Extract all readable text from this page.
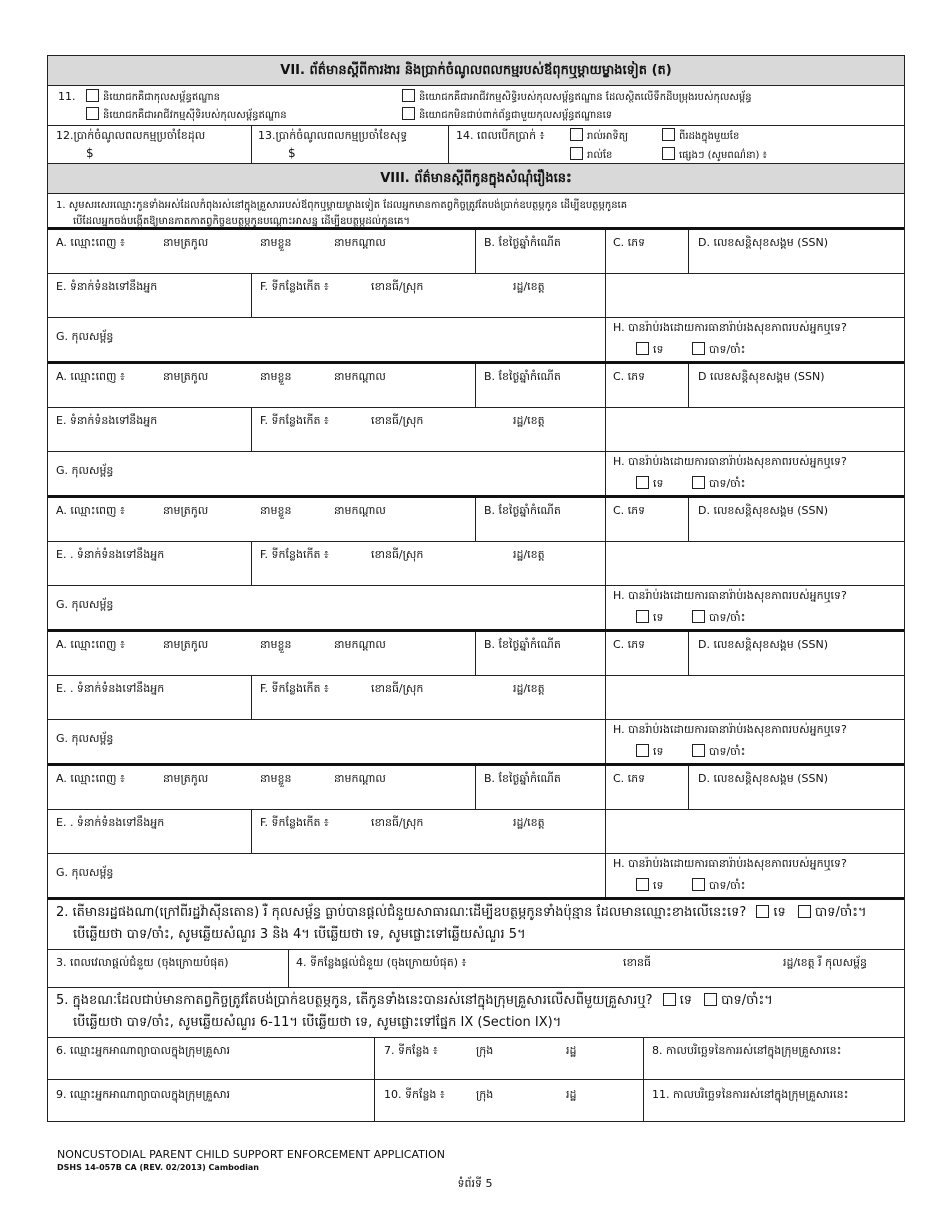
VII. ព័ត៌មានស្តីពីការងារ និងប្រាក់ចំណូលពលកម្មរបស់ឪពុកឬម្តាយម្ខាងទៀត (ត)
11.	និយោជកគឺជាកុលសម្ព័ន្ធឥណ្ឌាន
និយោជកគឺជាអាជីវកម្មស៊ីទិរបស់កុលសម្ព័ន្ធឥណ្ឌាន
និយោជកគឺជាអាជីវកម្មសិទ្ធិរបស់កុលសម្ព័ន្ធឥណ្ឌាន ដែលស្ថិតលើទឹកដីបម្រុងរបស់កុលសម្ព័ន្ធ
និយោជកមិនជាប់ពាក់ព័ន្ធជាមួយកុលសម្ព័ន្ធឥណ្ឌានទេ
12.ប្រាក់ចំណូលពលកម្មប្រចាំខែដុល
$
13.ប្រាក់ចំណូលពលកម្មប្រចាំខែសុទ្ធ
$
14. ពេលបើកប្រាក់ ៖	រាល់អាទិត្យ	ពីរដងក្នុងមួយខែ
រាល់ខែ	ផ្សេងៗ (សូមពណ៌នា) ៖
VIII. ព័ត៌មានស្តីពីកូនក្នុងសំណុំរឿងនេះ
1. សូមសរសេរឈ្មោះកូនទាំងអស់ដែលកំពុងរស់នៅក្នុងគ្រួសាររបស់ឪពុកឬម្តាយម្ខាងទៀត ដែលអ្នកមានកាតព្វកិច្ចត្រូវតែបង់ប្រាក់ឧបត្ថម្ភកូន ដើម្បីឧបត្ថម្ភកូនគេ
បើដែលអ្នកចង់បង្កើតឱ្យមានភាតកាតព្វកិច្ចឧបត្ថម្ភកូនបណ្តោះអាសន្ន ដើម្បីឧបត្ថម្ភដល់កូនគេ។
A. ឈ្មោះពេញ ៖	នាមត្រកូល	នាមខ្លួន	នាមកណ្តាល	B. ខែថ្ងៃឆ្នាំកំណើត	C. ភេទ	D. លេខសន្តិសុខសង្គម (SSN)
E. ទំនាក់ទំនងទៅនឹងអ្នក	F. ទីកន្លែងកើត ៖	ខោនធី/ស្រុក	រដ្ឋ/ខេត្ត
G. កុលសម្ព័ន្ធ
H. បានរ៉ាប់រងដោយការធានារ៉ាប់រងសុខភាពរបស់អ្នកឬទេ?
ទេ	បាទ/ចាំះ
A. ឈ្មោះពេញ ៖	នាមត្រកូល	នាមខ្លួន	នាមកណ្តាល	B. ខែថ្ងៃឆ្នាំកំណើត	C. ភេទ	D លេខសន្តិសុខសង្គម (SSN)
E. ទំនាក់ទំនងទៅនឹងអ្នក	F. ទីកន្លែងកើត ៖	ខោនធី/ស្រុក	រដ្ឋ/ខេត្ត
G. កុលសម្ព័ន្ធ
H. បានរ៉ាប់រងដោយការធានារ៉ាប់រងសុខភាពរបស់អ្នកឬទេ?
ទេ	បាទ/ចាំះ
A. ឈ្មោះពេញ ៖	នាមត្រកូល	នាមខ្លួន	នាមកណ្តាល	B. ខែថ្ងៃឆ្នាំកំណើត	C. ភេទ	D. លេខសន្តិសុខសង្គម (SSN)
E. . ទំនាក់ទំនងទៅនឹងអ្នក	F. ទីកន្លែងកើត ៖	ខោនធី/ស្រុក	រដ្ឋ/ខេត្ត
G. កុលសម្ព័ន្ធ
H. បានរ៉ាប់រងដោយការធានារ៉ាប់រងសុខភាពរបស់អ្នកឬទេ?
ទេ	បាទ/ចាំះ
A. ឈ្មោះពេញ ៖	នាមត្រកូល	នាមខ្លួន	នាមកណ្តាល	B. ខែថ្ងៃឆ្នាំកំណើត	C. ភេទ	D. លេខសន្តិសុខសង្គម (SSN)
E. . ទំនាក់ទំនងទៅនឹងអ្នក	F. ទីកន្លែងកើត ៖	ខោនធី/ស្រុក	រដ្ឋ/ខេត្ត
G. កុលសម្ព័ន្ធ
H. បានរ៉ាប់រងដោយការធានារ៉ាប់រងសុខភាពរបស់អ្នកឬទេ?
ទេ	បាទ/ចាំះ
A. ឈ្មោះពេញ ៖	នាមត្រកូល	នាមខ្លួន	នាមកណ្តាល	B. ខែថ្ងៃឆ្នាំកំណើត	C. ភេទ	D. លេខសន្តិសុខសង្គម (SSN)
E. . ទំនាក់ទំនងទៅនឹងអ្នក	F. ទីកន្លែងកើត ៖	ខោនធី/ស្រុក	រដ្ឋ/ខេត្ត
G. កុលសម្ព័ន្ធ
H. បានរ៉ាប់រងដោយការធានារ៉ាប់រងសុខភាពរបស់អ្នកឬទេ?
ទេ	បាទ/ចាំះ
2. តើមានរដ្ឋផងណា(ក្រៅពីរដ្ឋវ៉ាស៊ីនតោន) រឺ កុលសម្ព័ន្ធ ធ្លាប់បានផ្តល់ជំនួយសាធារណៈដើម្បីឧបត្ថម្ភកូនទាំងប៉ុន្មាន ដែលមានឈ្មោះខាងលើនេះទេ? ទេ បាទ/ចាំះ។
បើឆ្លើយថា បាទ/ចាំះ, សូមឆ្លើយសំណួរ 3 និង 4។ បើឆ្លើយថា ទេ, សូមផ្លោះទៅឆ្លើយសំណួរ 5។
3. ពេលវេលាផ្តល់ជំនួយ (ចុងក្រោយបំផុត)	4. ទីកន្លែងផ្តល់ជំនួយ (ចុងក្រោយបំផុត) ៖	ខោនធី	រដ្ឋ/ខេត្ត រឺ កុលសម្ព័ន្ធ
5. ក្នុងខណៈដែលជាប់មានកាតព្វកិច្ចត្រូវតែបង់ប្រាក់ឧបត្ថម្ភកូន, តើកូនទាំងនេះបានរស់នៅក្នុងក្រុមគ្រួសារលើសពីមួយគ្រួសារឬ? ទេ បាទ/ចាំះ។
បើឆ្លើយថា បាទ/ចាំះ, សូមឆ្លើយសំណួរ 6-11។ បើឆ្លើយថា ទេ, សូមផ្លោះទៅផ្នែក IX (Section IX)។
6. ឈ្មោះអ្នកអាណាព្យាបាលក្នុងក្រុមគ្រួសារ	7. ទីកន្លែង ៖	ក្រុង	រដ្ឋ	8. កាលបរិច្ឆេទនៃការរស់នៅក្នុងក្រុមគ្រួសារនេះ
9. ឈ្មោះអ្នកអាណាព្យាបាលក្នុងក្រុមគ្រួសារ	10. ទីកន្លែង ៖	ក្រុង	រដ្ឋ	11. កាលបរិច្ឆេទនៃការរស់នៅក្នុងក្រុមគ្រួសារនេះ
NONCUSTODIAL PARENT CHILD SUPPORT ENFORCEMENT APPLICATION
DSHS 14-057B CA (REV. 02/2013) Cambodian
ទំព័រទី 5
